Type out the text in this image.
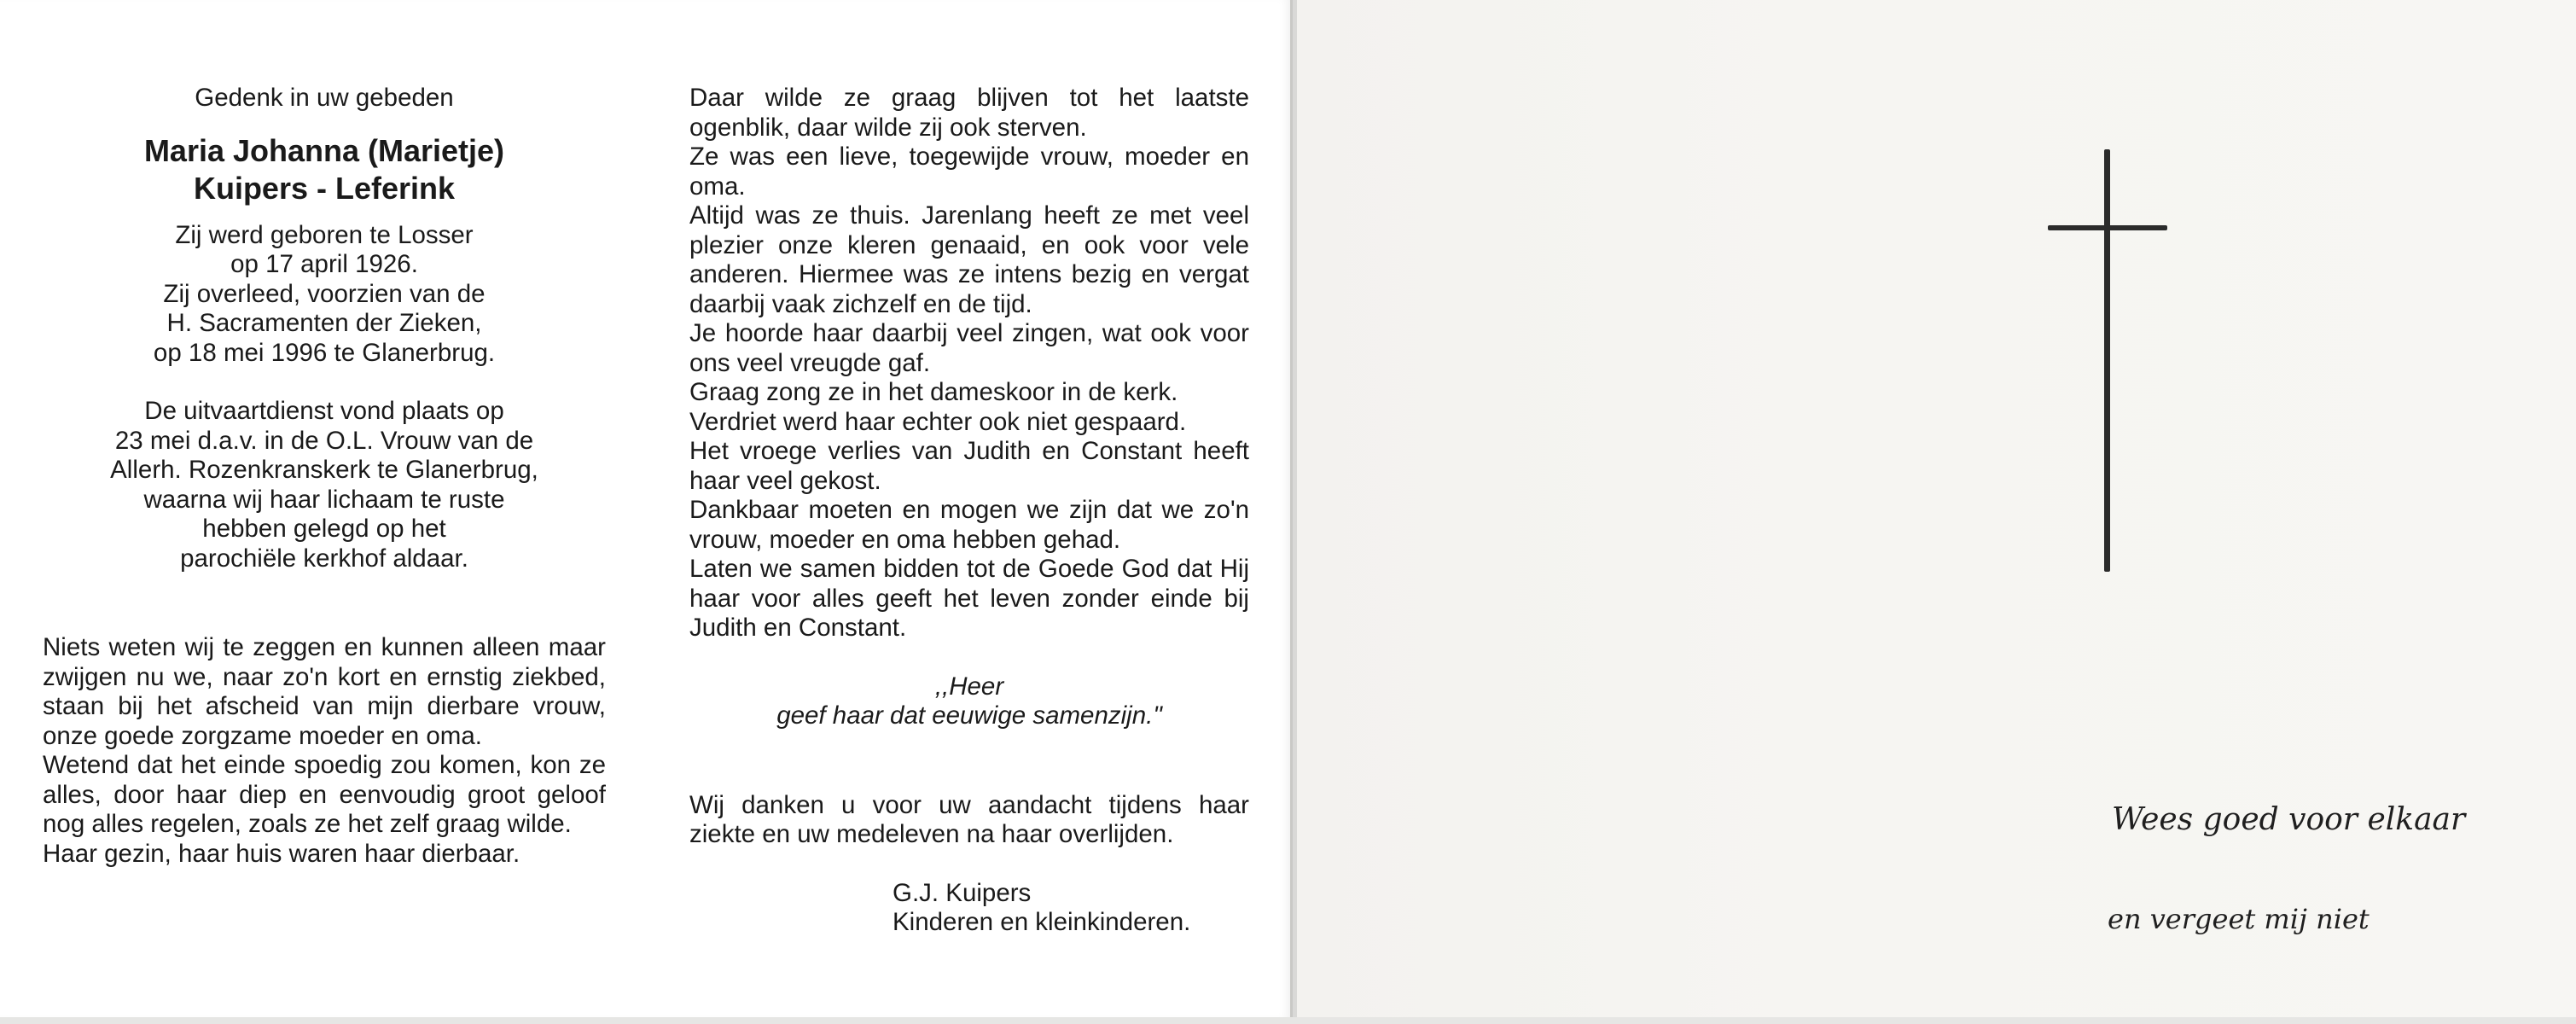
Gedenk in uw gebeden

Maria Johanna (Marietje)
Kuipers - Leferink

Zij werd geboren te Losser
op 17 april 1926.
Zij overleed, voorzien van de
H. Sacramenten der Zieken,
op 18 mei 1996 te Glanerbrug.

De uitvaartdienst vond plaats op
23 mei d.a.v. in de O.L. Vrouw van de
Allerh. Rozenkranskerk te Glanerbrug,
waarna wij haar lichaam te ruste
hebben gelegd op het
parochiële kerkhof aldaar.

Niets weten wij te zeggen en kunnen alleen maar zwijgen nu we, naar zo'n kort en ernstig ziekbed, staan bij het afscheid van mijn dierbare vrouw, onze goede zorgzame moeder en oma.

Wetend dat het einde spoedig zou komen, kon ze alles, door haar diep en eenvoudig groot geloof nog alles regelen, zoals ze het zelf graag wilde.

Haar gezin, haar huis waren haar dierbaar.

Daar wilde ze graag blijven tot het laatste ogenblik, daar wilde zij ook sterven.

Ze was een lieve, toegewijde vrouw, moeder en oma.

Altijd was ze thuis. Jarenlang heeft ze met veel plezier onze kleren genaaid, en ook voor vele anderen. Hiermee was ze intens bezig en vergat daarbij vaak zichzelf en de tijd.

Je hoorde haar daarbij veel zingen, wat ook voor ons veel vreugde gaf.

Graag zong ze in het dameskoor in de kerk.

Verdriet werd haar echter ook niet gespaard.

Het vroege verlies van Judith en Constant heeft haar veel gekost.

Dankbaar moeten en mogen we zijn dat we zo'n vrouw, moeder en oma hebben gehad.

Laten we samen bidden tot de Goede God dat Hij haar voor alles geeft het leven zonder einde bij Judith en Constant.

,,Heer
geef haar dat eeuwige samenzijn."

Wij danken u voor uw aandacht tijdens haar ziekte en uw medeleven na haar overlijden.

G.J. Kuipers
Kinderen en kleinkinderen.

Wees goed voor elkaar
en vergeet mij niet
